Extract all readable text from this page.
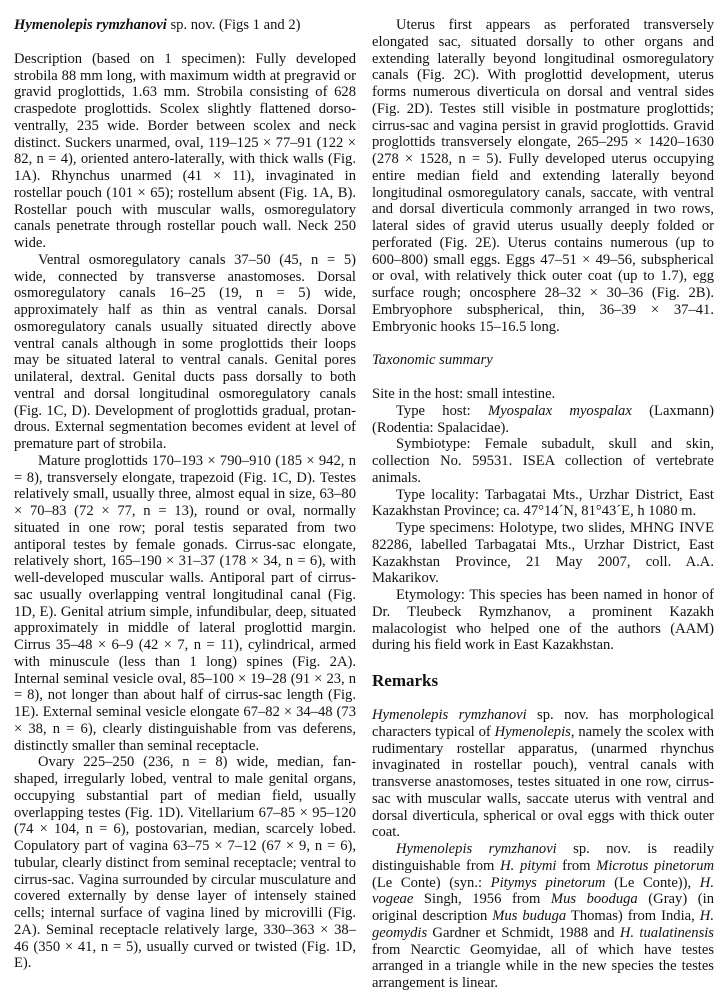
Hymenolepis rymzhanovi sp. nov. (Figs 1 and 2)

Description (based on 1 specimen): Fully developed strobila 88 mm long, with maximum width at pregravid or gravid proglottids, 1.63 mm. Strobila consisting of 628 craspedote proglottids. Scolex slightly flattened dorso-ventrally, 235 wide. Border between scolex and neck distinct. Suckers unarmed, oval, 119–125 × 77–91 (122 × 82, n = 4), oriented antero-laterally, with thick walls (Fig. 1A). Rhynchus unarmed (41 × 11), invaginated in rostellar pouch (101 × 65); rostellum absent (Fig. 1A, B). Rostellar pouch with muscular walls, osmoregulatory canals penetrate through rostellar pouch wall. Neck 250 wide.

Ventral osmoregulatory canals 37–50 (45, n = 5) wide, connected by transverse anastomoses. Dorsal osmoregulatory canals 16–25 (19, n = 5) wide, approximately half as thin as ventral canals. Dorsal osmoregulatory canals usually situated directly above ventral canals although in some proglottids their loops may be situated lateral to ventral canals. Genital pores unilateral, dextral. Genital ducts pass dorsally to both ventral and dorsal longitudinal osmoregulatory canals (Fig. 1C, D). Development of proglottids gradual, protandrous. External segmentation becomes evident at level of premature part of strobila.

Mature proglottids 170–193 × 790–910 (185 × 942, n = 8), transversely elongate, trapezoid (Fig. 1C, D). Testes relatively small, usually three, almost equal in size, 63–80 × 70–83 (72 × 77, n = 13), round or oval, normally situated in one row; poral testis separated from two antiporal testes by female gonads. Cirrus-sac elongate, relatively short, 165–190 × 31–37 (178 × 34, n = 6), with well-developed muscular walls. Antiporal part of cirrus-sac usually overlapping ventral longitudinal canal (Fig. 1D, E). Genital atrium simple, infundibular, deep, situated approximately in middle of lateral proglottid margin. Cirrus 35–48 × 6–9 (42 × 7, n = 11), cylindrical, armed with minuscule (less than 1 long) spines (Fig. 2A). Internal seminal vesicle oval, 85–100 × 19–28 (91 × 23, n = 8), not longer than about half of cirrus-sac length (Fig. 1E). External seminal vesicle elongate 67–82 × 34–48 (73 × 38, n = 6), clearly distinguishable from vas deferens, distinctly smaller than seminal receptacle.

Ovary 225–250 (236, n = 8) wide, median, fan-shaped, irregularly lobed, ventral to male genital organs, occupying substantial part of median field, usually overlapping testes (Fig. 1D). Vitellarium 67–85 × 95–120 (74 × 104, n = 6), postovarian, median, scarcely lobed. Copulatory part of vagina 63–75 × 7–12 (67 × 9, n = 6), tubular, clearly distinct from seminal receptacle; ventral to cirrus-sac. Vagina surrounded by circular musculature and covered externally by dense layer of intensely stained cells; internal surface of vagina lined by microvilli (Fig. 2A). Seminal receptacle relatively large, 330–363 × 38–46 (350 × 41, n = 5), usually curved or twisted (Fig. 1D, E).

Uterus first appears as perforated transversely elongated sac, situated dorsally to other organs and extending laterally beyond longitudinal osmoregulatory canals (Fig. 2C). With proglottid development, uterus forms numerous diverticula on dorsal and ventral sides (Fig. 2D). Testes still visible in postmature proglottids; cirrus-sac and vagina persist in gravid proglottids. Gravid proglottids transversely elongate, 265–295 × 1420–1630 (278 × 1528, n = 5). Fully developed uterus occupying entire median field and extending laterally beyond longitudinal osmoregulatory canals, saccate, with ventral and dorsal diverticula commonly arranged in two rows, lateral sides of gravid uterus usually deeply folded or perforated (Fig. 2E). Uterus contains numerous (up to 600–800) small eggs. Eggs 47–51 × 49–56, subspherical or oval, with relatively thick outer coat (up to 1.7), egg surface rough; oncosphere 28–32 × 30–36 (Fig. 2B). Embryophore subspherical, thin, 36–39 × 37–41. Embryonic hooks 15–16.5 long.

Taxonomic summary

Site in the host: small intestine.

Type host: Myospalax myospalax (Laxmann) (Rodentia: Spalacidae).

Symbiotype: Female subadult, skull and skin, collection No. 59531. ISEA collection of vertebrate animals.

Type locality: Tarbagatai Mts., Urzhar District, East Kazakhstan Province; ca. 47°14´N, 81°43´E, h 1080 m.

Type specimens: Holotype, two slides, MHNG INVE 82286, labelled Tarbagatai Mts., Urzhar District, East Kazakhstan Province, 21 May 2007, coll. A.A. Makarikov.

Etymology: This species has been named in honor of Dr. Tleubeck Rymzhanov, a prominent Kazakh malacologist who helped one of the authors (AAM) during his field work in East Kazakhstan.

Remarks

Hymenolepis rymzhanovi sp. nov. has morphological characters typical of Hymenolepis, namely the scolex with rudimentary rostellar apparatus, (unarmed rhynchus invaginated in rostellar pouch), ventral canals with transverse anastomoses, testes situated in one row, cirrus-sac with muscular walls, saccate uterus with ventral and dorsal diverticula, spherical or oval eggs with thick outer coat.

Hymenolepis rymzhanovi sp. nov. is readily distinguishable from H. pitymi from Microtus pinetorum (Le Conte) (syn.: Pitymys pinetorum (Le Conte)), H. vogeae Singh, 1956 from Mus booduga (Gray) (in original description Mus buduga Thomas) from India, H. geomydis Gardner et Schmidt, 1988 and H. tualatinensis from Nearctic Geomyidae, all of which have testes arranged in a triangle while in the new species the testes arrangement is linear.
